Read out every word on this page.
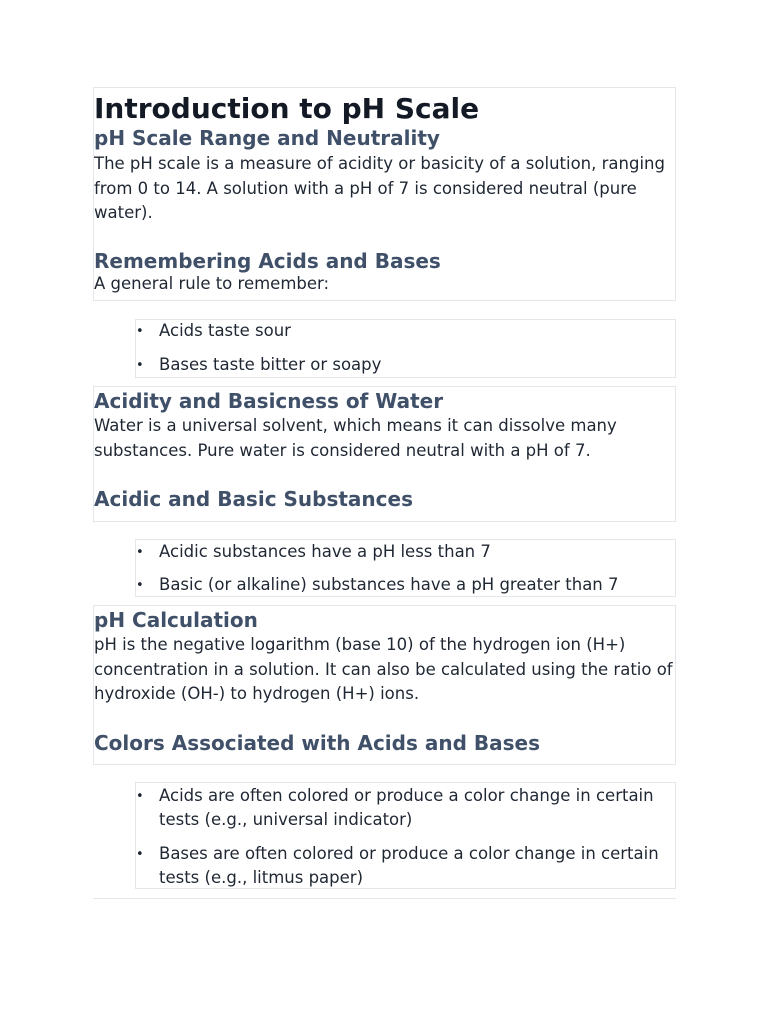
Introduction to pH Scale
pH Scale Range and Neutrality

The pH scale is a measure of acidity or basicity of a solution, ranging from 0 to 14. A solution with a pH of 7 is considered neutral (pure water).

Remembering Acids and Bases

A general rule to remember:

• Acids taste sour
• Bases taste bitter or soapy
Acidity and Basicness of Water

Water is a universal solvent, which means it can dissolve many substances. Pure water is considered neutral with a pH of 7.

Acidic and Basic Substances
• Acidic substances have a pH less than 7
• Basic (or alkaline) substances have a pH greater than 7
pH Calculation

pH is the negative logarithm (base 10) of the hydrogen ion (H+) concentration in a solution. It can also be calculated using the ratio of hydroxide (OH-) to hydrogen (H+) ions.

Colors Associated with Acids and Bases
• Acids are often colored or produce a color change in certain tests (e.g., universal indicator)
• Bases are often colored or produce a color change in certain tests (e.g., litmus paper)
